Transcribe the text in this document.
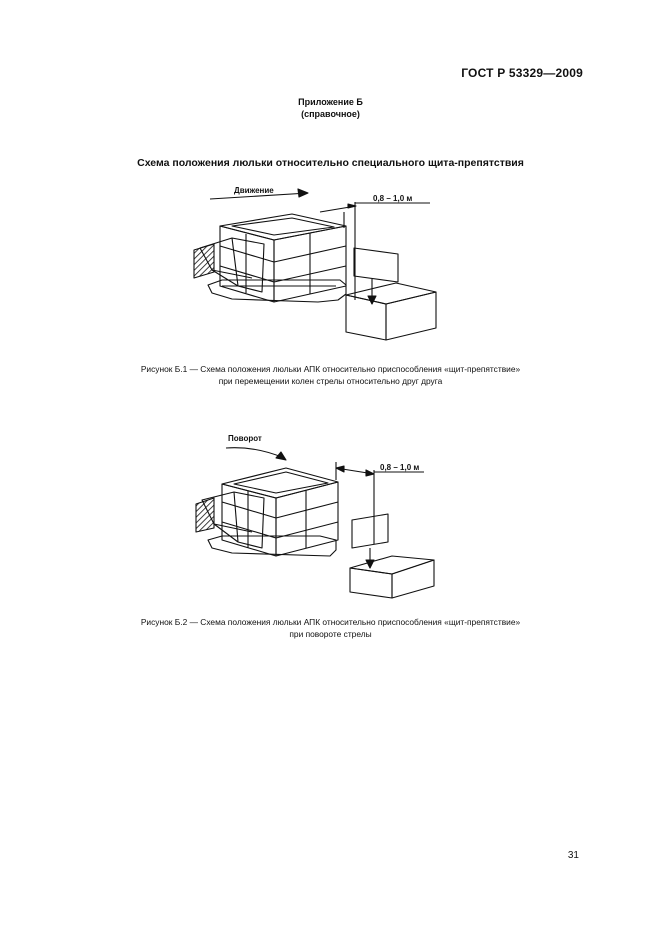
ГОСТ Р 53329—2009
Приложение Б
(справочное)
Схема положения люльки относительно специального щита-препятствия
Движение
0,8 – 1,0 м
Рисунок Б.1 — Схема положения люльки АПК относительно приспособления «щит-препятствие»
при перемещении колен стрелы относительно друг друга
Поворот
0,8 – 1,0 м
Рисунок Б.2 — Схема положения люльки АПК относительно приспособления «щит-препятствие»
при повороте стрелы
31
